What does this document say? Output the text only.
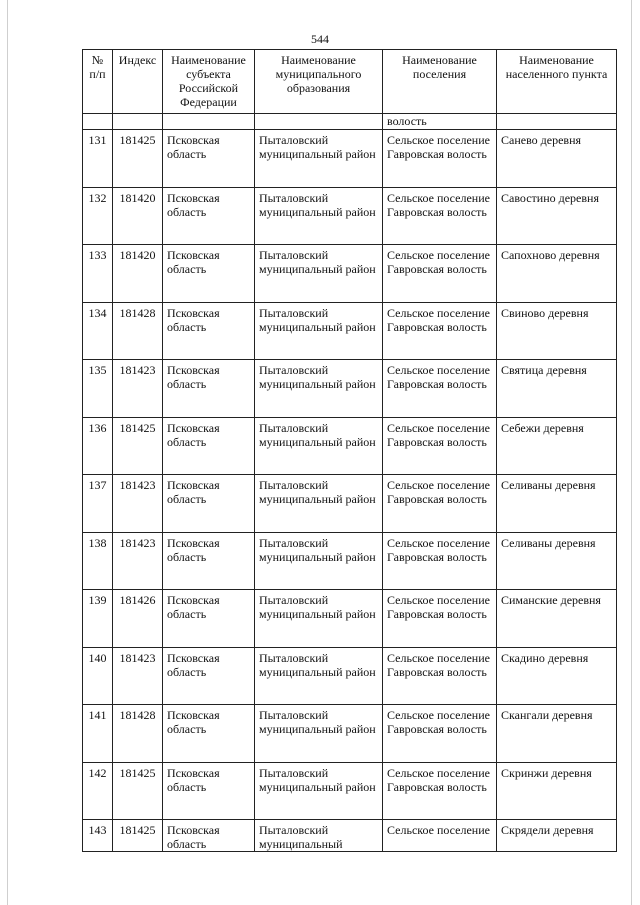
544
№ п/п	Индекс	Наименование субъекта Российской Федерации	Наименование муниципального образования	Наименование поселения	Наименование населенного пункта
				волость	
131	181425	Псковская область	Пыталовский муниципальный район	Сельское поселение Гавровская волость	Санево деревня
132	181420	Псковская область	Пыталовский муниципальный район	Сельское поселение Гавровская волость	Савостино деревня
133	181420	Псковская область	Пыталовский муниципальный район	Сельское поселение Гавровская волость	Сапохново деревня
134	181428	Псковская область	Пыталовский муниципальный район	Сельское поселение Гавровская волость	Свиново деревня
135	181423	Псковская область	Пыталовский муниципальный район	Сельское поселение Гавровская волость	Святица деревня
136	181425	Псковская область	Пыталовский муниципальный район	Сельское поселение Гавровская волость	Себежи деревня
137	181423	Псковская область	Пыталовский муниципальный район	Сельское поселение Гавровская волость	Селиваны деревня
138	181423	Псковская область	Пыталовский муниципальный район	Сельское поселение Гавровская волость	Селиваны деревня
139	181426	Псковская область	Пыталовский муниципальный район	Сельское поселение Гавровская волость	Симанские деревня
140	181423	Псковская область	Пыталовский муниципальный район	Сельское поселение Гавровская волость	Скадино деревня
141	181428	Псковская область	Пыталовский муниципальный район	Сельское поселение Гавровская волость	Скангали деревня
142	181425	Псковская область	Пыталовский муниципальный район	Сельское поселение Гавровская волость	Скринжи деревня
143	181425	Псковская область	Пыталовский муниципальный	Сельское поселение	Скрядели деревня
